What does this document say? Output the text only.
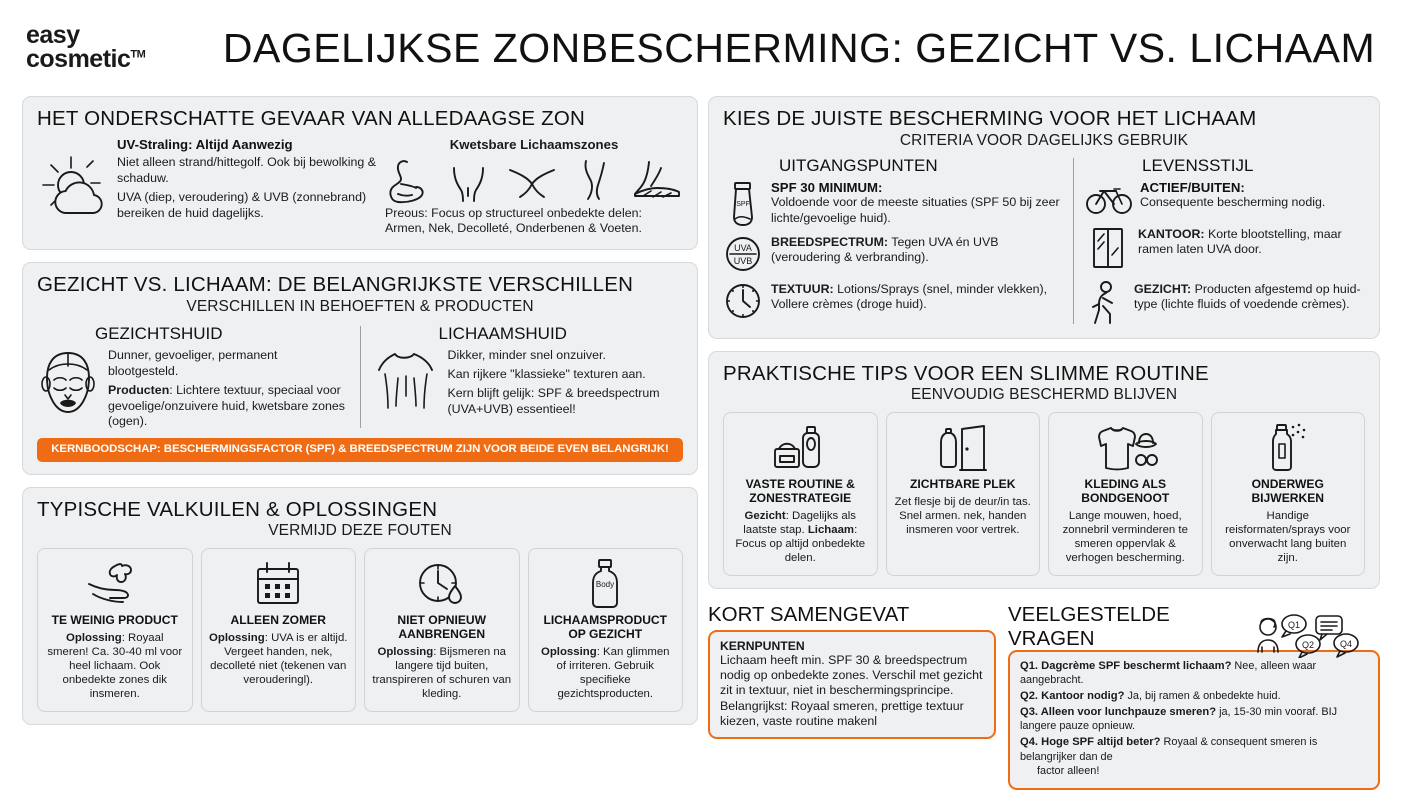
easy
cosmetic™	DAGELIJKSE ZONBESCHERMING: GEZICHT VS. LICHAAM
HET ONDERSCHATTE GEVAAR VAN ALLEDAAGSE ZON
UV-Straling: Altijd Aanwezig
Niet alleen strand/hittegolf. Ook bij bewolking & schaduw.
UVA (diep, veroudering) & UVB (zonnebrand) bereiken de huid dagelijks.
Kwetsbare Lichaamszones
Preous: Focus op structureel onbedekte delen: Armen, Nek, Decolleté, Onderbenen & Voeten.
GEZICHT VS. LICHAAM: DE BELANGRIJKSTE VERSCHILLEN
VERSCHILLEN IN BEHOEFTEN & PRODUCTEN
GEZICHTSHUID
Dunner, gevoeliger, permanent blootgesteld.
Producten: Lichtere textuur, speciaal voor gevoelige/onzuivere huid, kwetsbare zones (ogen).
LICHAAMSHUID
Dikker, minder snel onzuiver.
Kan rijkere "klassieke" texturen aan.
Kern blijft gelijk: SPF & breedspectrum (UVA+UVB) essentieel!
KERNBOODSCHAP: BESCHERMINGSFACTOR (SPF) & BREEDSPECTRUM ZIJN VOOR BEIDE EVEN BELANGRIJK!
TYPISCHE VALKUILEN & OPLOSSINGEN
VERMIJD DEZE FOUTEN
TE WEINIG PRODUCT
Oplossing: Royaal smeren! Ca. 30-40 ml voor heel lichaam. Ook onbedekte zones dik insmeren.
ALLEEN ZOMER
Oplossing: UVA is er altijd. Vergeet handen, nek, decolleté niet (tekenen van verouderingl).
NIET OPNIEUW AANBRENGEN
Oplossing: Bijsmeren na langere tijd buiten, transpireren of schuren van kleding.
Body
LICHAAMSPRODUCT OP GEZICHT
Oplossing: Kan glimmen of irriteren. Gebruik specifieke gezichtsproducten.
KIES DE JUISTE BESCHERMING VOOR HET LICHAAM
CRITERIA VOOR DAGELIJKS GEBRUIK
UITGANGSPUNTEN
SPF
SPF 30 MINIMUM:
Voldoende voor de meeste situaties (SPF 50 bij zeer lichte/gevoelige huid).
UVA
UVB
BREEDSPECTRUM: Tegen UVA én UVB (veroudering & verbranding).
TEXTUUR: Lotions/Sprays (snel, minder vlekken), Vollere crèmes (droge huid).
LEVENSSTIJL
ACTIEF/BUITEN:
Consequente bescherming nodig.
KANTOOR: Korte blootstelling, maar ramen laten UVA door.
GEZICHT: Producten afgestemd op huid-type (lichte fluids of voedende crèmes).
PRAKTISCHE TIPS VOOR EEN SLIMME ROUTINE
EENVOUDIG BESCHERMD BLIJVEN
VASTE ROUTINE & ZONESTRATEGIE
Gezicht: Dagelijks als laatste stap. Lichaam: Focus op altijd onbedekte delen.
ZICHTBARE PLEK
Zet flesje bij de deur/in tas. Snel armen. nek, handen insmeren voor vertrek.
KLEDING ALS BONDGENOOT
Lange mouwen, hoed, zonnebril verminderen te smeren oppervlak & verhogen bescherming.
ONDERWEG BIJWERKEN
Handige reisformaten/sprays voor onverwacht lang buiten zijn.
KORT SAMENGEVAT
KERNPUNTEN
Lichaam heeft min. SPF 30 & breedspectrum nodig op onbedekte zones. Verschil met gezicht zit in textuur, niet in beschermingsprincipe. Belangrijkst: Royaal smeren, prettige textuur kiezen, vaste routine makenl
VEELGESTELDE VRAGEN
Q1
Q2	Q4
Q1. Dagcrème SPF beschermt lichaam? Nee, alleen waar aangebracht.
Q2. Kantoor nodig? Ja, bij ramen & onbedekte huid.
Q3. Alleen voor lunchpauze smeren? ja, 15-30 min vooraf. BIJ langere pauze opnieuw.
Q4. Hoge SPF altijd beter? Royaal & consequent smeren is belangrijker dan de
factor alleen!
